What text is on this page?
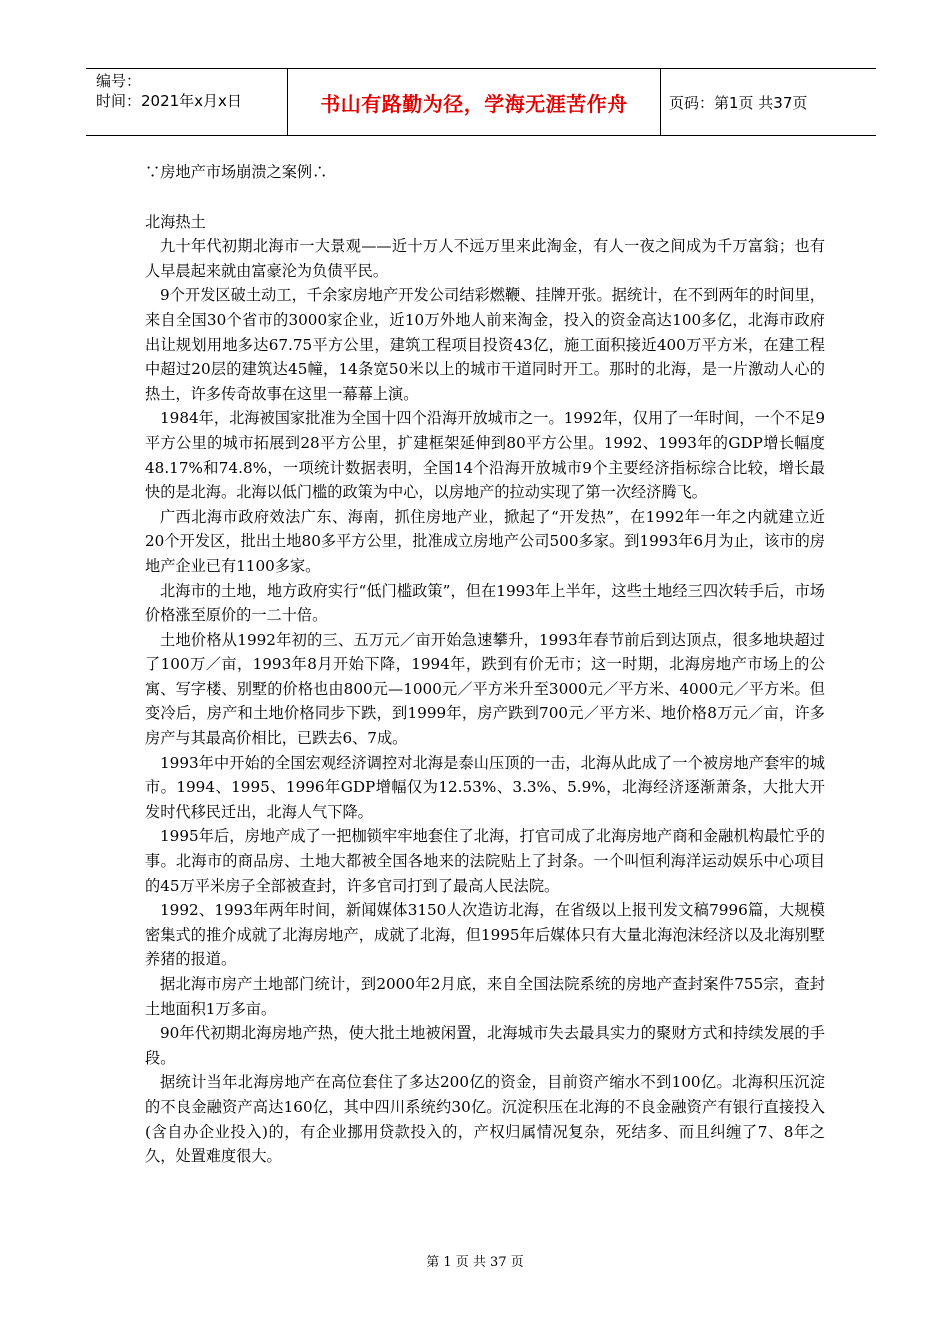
编号：
时间：2021年x月x日	书山有路勤为径，学海无涯苦作舟	页码：第1页 共37页

∵房地产市场崩溃之案例∴

北海热土

九十年代初期北海市一大景观——近十万人不远万里来此淘金，有人一夜之间成为千万富翁；也有人早晨起来就由富豪沦为负债平民。

9个开发区破土动工，千余家房地产开发公司结彩燃鞭、挂牌开张。据统计，在不到两年的时间里，来自全国30个省市的3000家企业，近10万外地人前来淘金，投入的资金高达100多亿，北海市政府出让规划用地多达67.75平方公里，建筑工程项目投资43亿，施工面积接近400万平方米，在建工程中超过20层的建筑达45幢，14条宽50米以上的城市干道同时开工。那时的北海，是一片激动人心的热土，许多传奇故事在这里一幕幕上演。

1984年，北海被国家批准为全国十四个沿海开放城市之一。1992年，仅用了一年时间，一个不足9平方公里的城市拓展到28平方公里，扩建框架延伸到80平方公里。1992、1993年的GDP增长幅度48.17%和74.8%，一项统计数据表明，全国14个沿海开放城市9个主要经济指标综合比较，增长最快的是北海。北海以低门槛的政策为中心，以房地产的拉动实现了第一次经济腾飞。

广西北海市政府效法广东、海南，抓住房地产业，掀起了“开发热”，在1992年一年之内就建立近20个开发区，批出土地80多平方公里，批准成立房地产公司500多家。到1993年6月为止，该市的房地产企业已有1100多家。

北海市的土地，地方政府实行“低门槛政策”，但在1993年上半年，这些土地经三四次转手后，市场价格涨至原价的一二十倍。

土地价格从1992年初的三、五万元／亩开始急速攀升，1993年春节前后到达顶点，很多地块超过了100万／亩，1993年8月开始下降，1994年，跌到有价无市；这一时期，北海房地产市场上的公寓、写字楼、别墅的价格也由800元—1000元／平方米升至3000元／平方米、4000元／平方米。但变冷后，房产和土地价格同步下跌，到1999年，房产跌到700元／平方米、地价格8万元／亩，许多房产与其最高价相比，已跌去6、7成。

1993年中开始的全国宏观经济调控对北海是泰山压顶的一击，北海从此成了一个被房地产套牢的城市。1994、1995、1996年GDP增幅仅为12.53%、3.3%、5.9%，北海经济逐渐萧条，大批大开发时代移民迁出，北海人气下降。

1995年后，房地产成了一把枷锁牢牢地套住了北海，打官司成了北海房地产商和金融机构最忙乎的事。北海市的商品房、土地大都被全国各地来的法院贴上了封条。一个叫恒利海洋运动娱乐中心项目的45万平米房子全部被查封，许多官司打到了最高人民法院。

1992、1993年两年时间，新闻媒体3150人次造访北海，在省级以上报刊发文稿7996篇，大规模密集式的推介成就了北海房地产，成就了北海，但1995年后媒体只有大量北海泡沫经济以及北海别墅养猪的报道。

据北海市房产土地部门统计，到2000年2月底，来自全国法院系统的房地产查封案件755宗，查封土地面积1万多亩。

90年代初期北海房地产热，使大批土地被闲置，北海城市失去最具实力的聚财方式和持续发展的手段。

据统计当年北海房地产在高位套住了多达200亿的资金，目前资产缩水不到100亿。北海积压沉淀的不良金融资产高达160亿，其中四川系统约30亿。沉淀积压在北海的不良金融资产有银行直接投入(含自办企业投入)的，有企业挪用贷款投入的，产权归属情况复杂，死结多、而且纠缠了7、8年之久，处置难度很大。

第 1 页 共 37 页
